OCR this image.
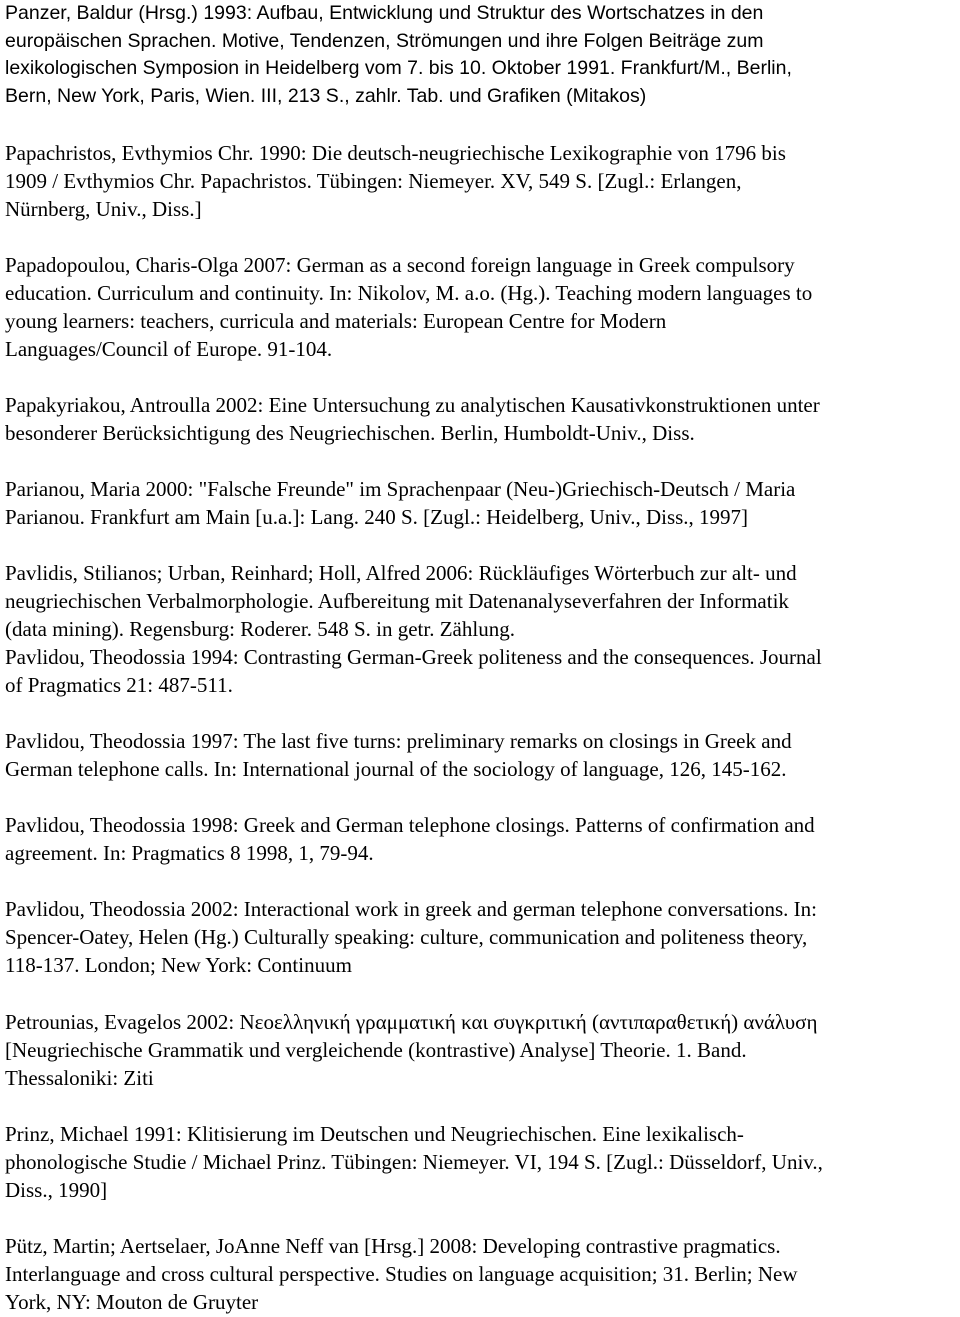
Panzer, Baldur (Hrsg.) 1993: Aufbau, Entwicklung und Struktur des Wortschatzes in den
europäischen Sprachen. Motive, Tendenzen, Strömungen und ihre Folgen Beiträge zum
lexikologischen Symposion in Heidelberg vom 7. bis 10. Oktober 1991. Frankfurt/M., Berlin,
Bern, New York, Paris, Wien. III, 213 S., zahlr. Tab. und Grafiken (Mitakos)
Papachristos, Evthymios Chr. 1990: Die deutsch-neugriechische Lexikographie von 1796 bis
1909 / Evthymios Chr. Papachristos. Tübingen: Niemeyer. XV, 549 S. [Zugl.: Erlangen,
Nürnberg, Univ., Diss.]
Papadopoulou, Charis-Olga 2007: German as a second foreign language in Greek compulsory
education. Curriculum and continuity. In: Nikolov, M. a.o. (Hg.). Teaching modern languages to
young learners: teachers, curricula and materials: European Centre for Modern
Languages/Council of Europe. 91-104.
Papakyriakou, Antroulla 2002: Eine Untersuchung zu analytischen Kausativkonstruktionen unter
besonderer Berücksichtigung des Neugriechischen. Berlin, Humboldt-Univ., Diss.
Parianou, Maria 2000: "Falsche Freunde" im Sprachenpaar (Neu-)Griechisch-Deutsch / Maria
Parianou. Frankfurt am Main [u.a.]: Lang. 240 S. [Zugl.: Heidelberg, Univ., Diss., 1997]
Pavlidis, Stilianos; Urban, Reinhard; Holl, Alfred 2006: Rückläufiges Wörterbuch zur alt- und
neugriechischen Verbalmorphologie. Aufbereitung mit Datenanalyseverfahren der Informatik
(data mining). Regensburg: Roderer. 548 S. in getr. Zählung.
Pavlidou, Theodossia 1994: Contrasting German-Greek politeness and the consequences. Journal
of Pragmatics 21: 487-511.
Pavlidou, Theodossia 1997: The last five turns: preliminary remarks on closings in Greek and
German telephone calls. In: International journal of the sociology of language, 126, 145-162.
Pavlidou, Theodossia 1998: Greek and German telephone closings. Patterns of confirmation and
agreement. In: Pragmatics 8 1998, 1, 79-94.
Pavlidou, Theodossia 2002: Interactional work in greek and german telephone conversations. In:
Spencer-Oatey, Helen (Hg.) Culturally speaking: culture, communication and politeness theory,
118-137. London; New York: Continuum
Petrounias, Evagelos 2002: Νεοελληνική γραμματική και συγκριτική (αντιπαραθετική) ανάλυση
[Neugriechische Grammatik und vergleichende (kontrastive) Analyse] Theorie. 1. Band.
Thessaloniki: Ziti
Prinz, Michael 1991: Klitisierung im Deutschen und Neugriechischen. Eine lexikalisch-
phonologische Studie / Michael Prinz. Tübingen: Niemeyer. VI, 194 S. [Zugl.: Düsseldorf, Univ.,
Diss., 1990]
Pütz, Martin; Aertselaer, JoAnne Neff van [Hrsg.] 2008: Developing contrastive pragmatics.
Interlanguage and cross cultural perspective. Studies on language acquisition; 31. Berlin; New
York, NY: Mouton de Gruyter
